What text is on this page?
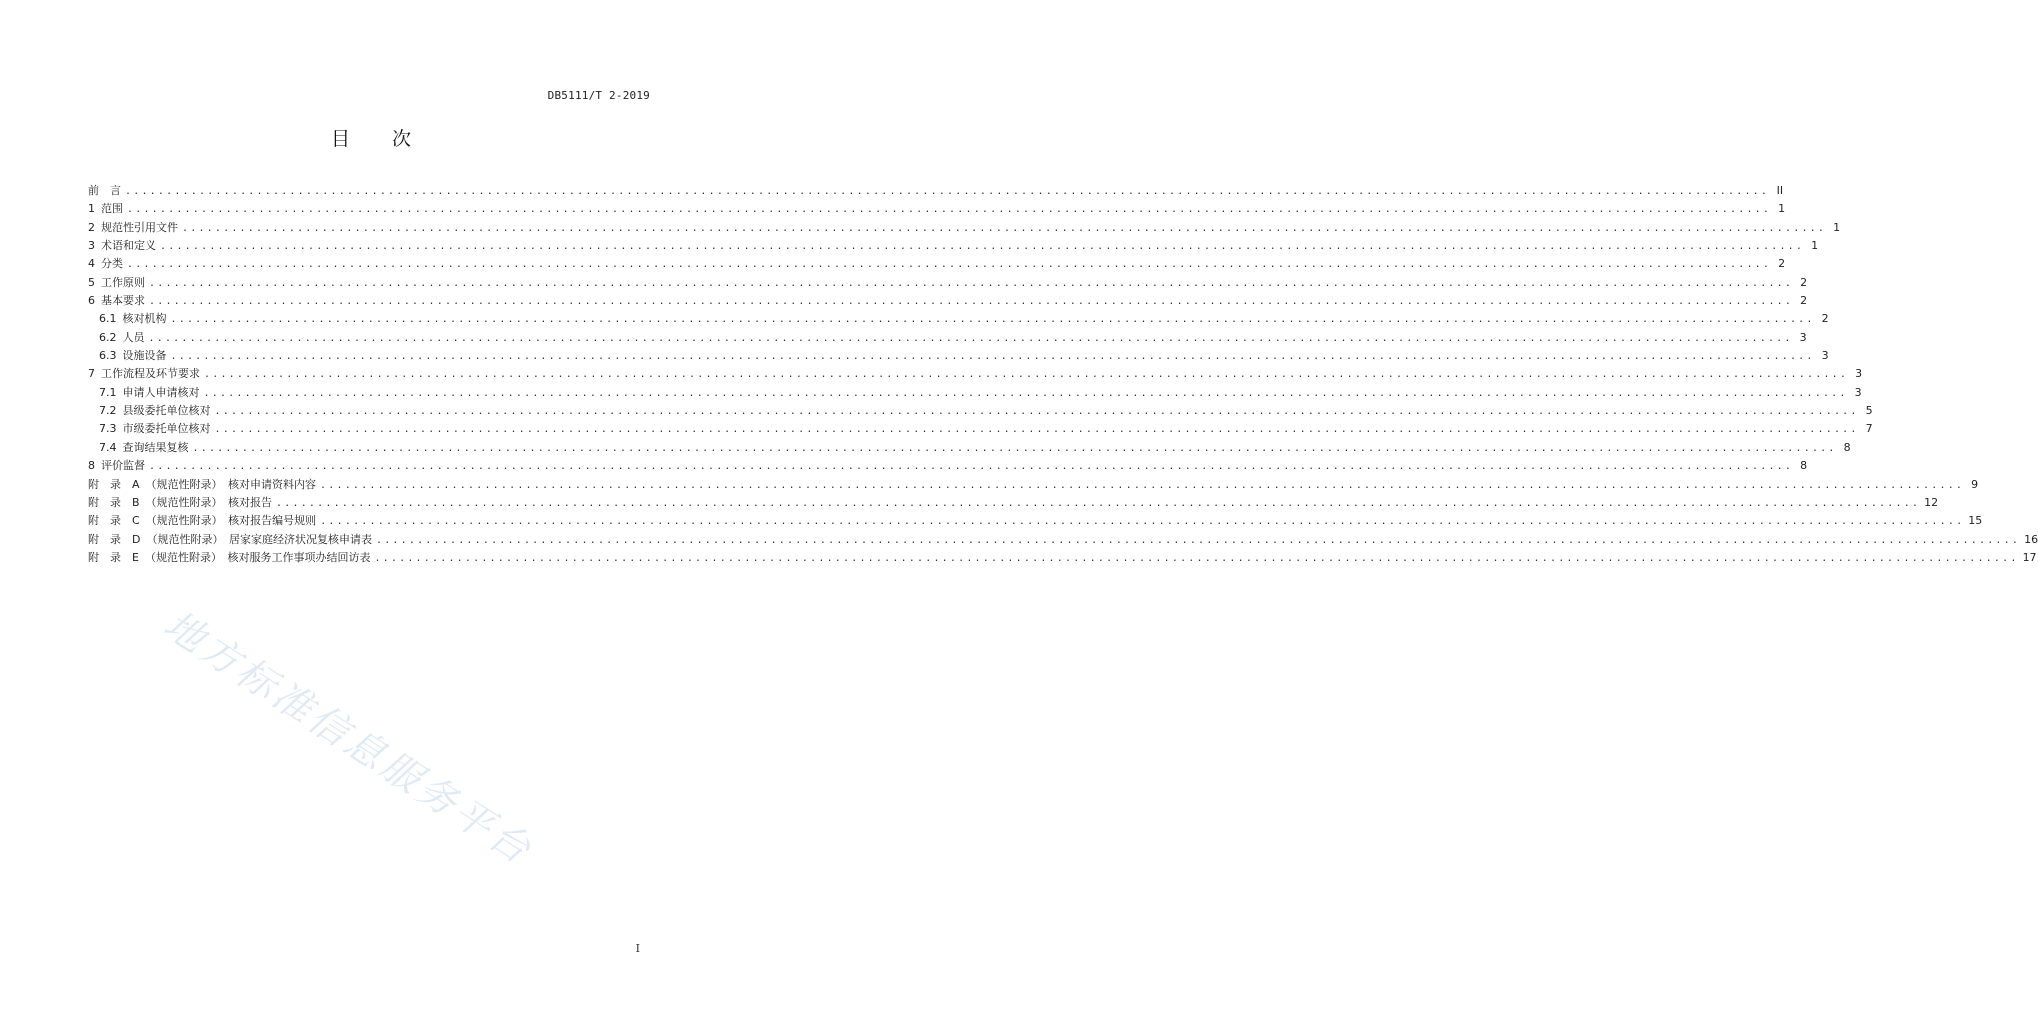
DB5111/T 2-2019
目 次
前　言 ........................................................................................................................................................................................................ II
1 范围 ........................................................................................................................................................................................................ 1
2 规范性引用文件 ........................................................................................................................................................................................................ 1
3 术语和定义 ........................................................................................................................................................................................................ 1
4 分类 ........................................................................................................................................................................................................ 2
5 工作原则 ........................................................................................................................................................................................................ 2
6 基本要求 ........................................................................................................................................................................................................ 2
6.1 核对机构 ........................................................................................................................................................................................................ 2
6.2 人员 ........................................................................................................................................................................................................ 3
6.3 设施设备 ........................................................................................................................................................................................................ 3
7 工作流程及环节要求 ........................................................................................................................................................................................................ 3
7.1 申请人申请核对 ........................................................................................................................................................................................................ 3
7.2 县级委托单位核对 ........................................................................................................................................................................................................ 5
7.3 市级委托单位核对 ........................................................................................................................................................................................................ 7
7.4 查询结果复核 ........................................................................................................................................................................................................ 8
8 评价监督 ........................................................................................................................................................................................................ 8
附　录　A （规范性附录）　核对申请资料内容 ........................................................................................................................................................................................................ 9
附　录　B （规范性附录）　核对报告 ........................................................................................................................................................................................................ 12
附　录　C （规范性附录）　核对报告编号规则 ........................................................................................................................................................................................................ 15
附　录　D （规范性附录）　居家家庭经济状况复核申请表 ........................................................................................................................................................................................................ 16
附　录　E （规范性附录）　核对服务工作事项办结回访表 ........................................................................................................................................................................................................ 17
地方标准信息服务平台
I
